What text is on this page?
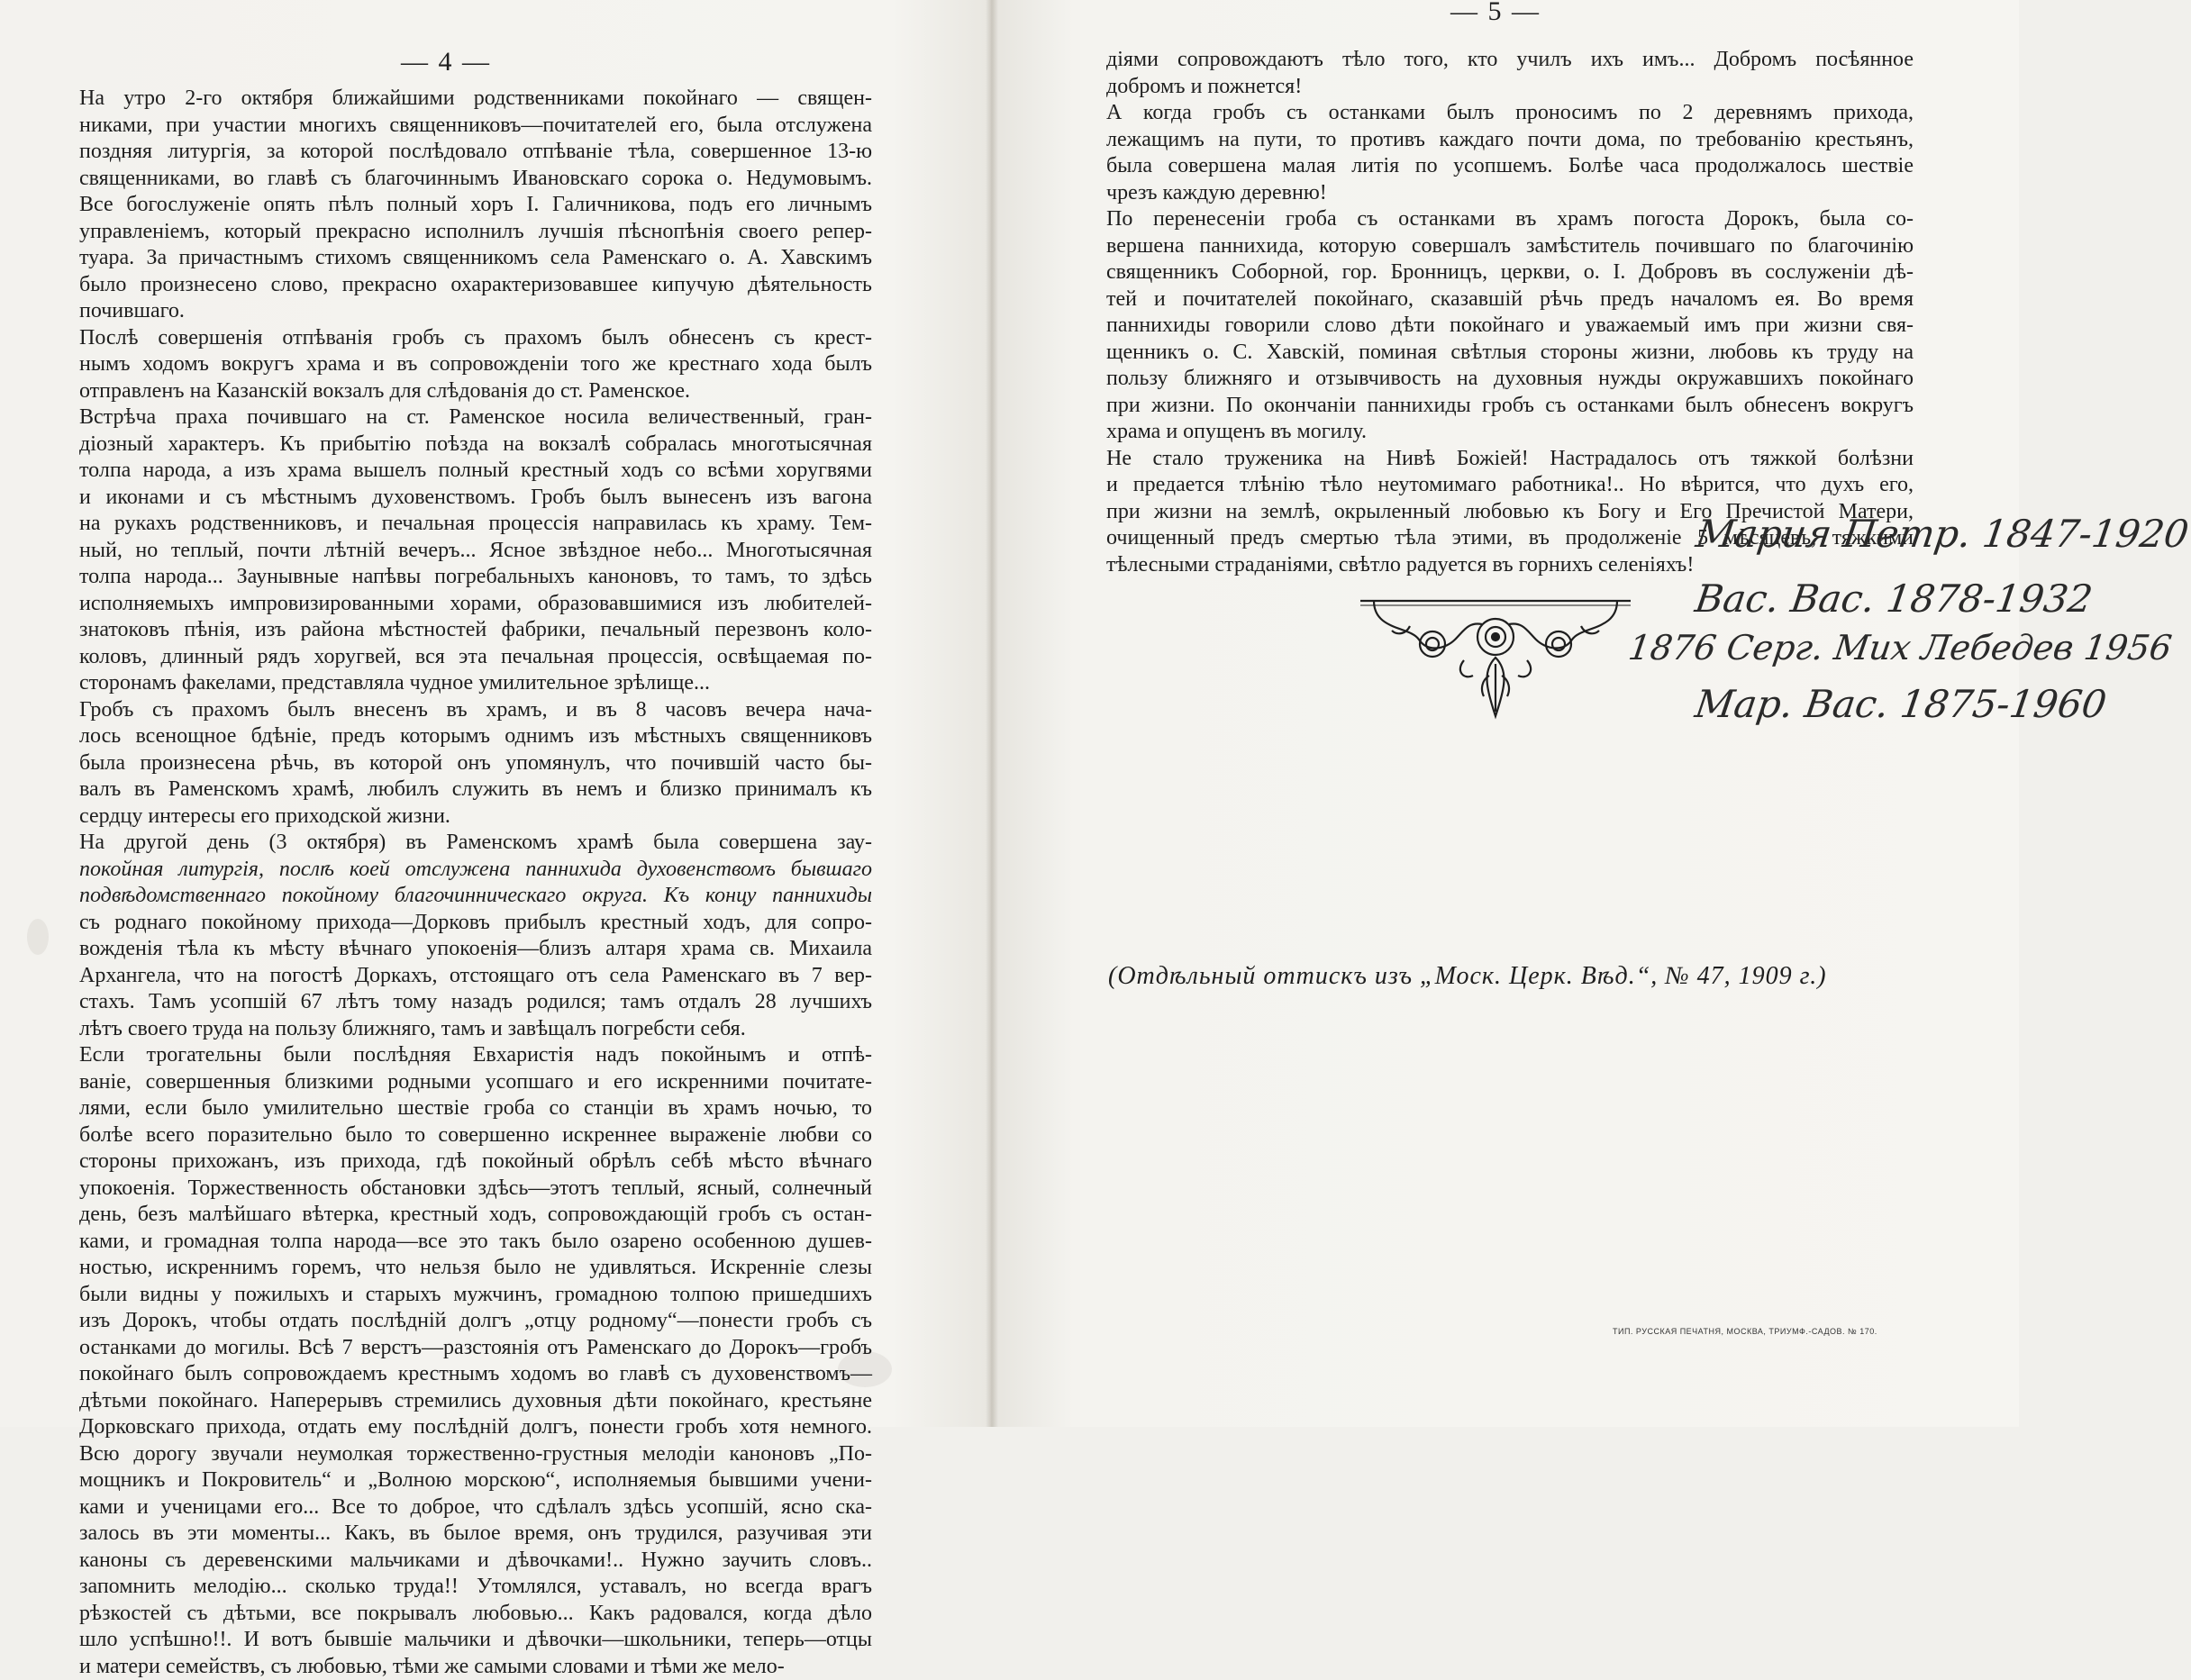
— 4 —
— 5 —

На утро 2-го октября ближайшими родственниками покойнаго — священ-
никами, при участии многихъ священниковъ—почитателей его, была отслужена
поздняя литургія, за которой послѣдовало отпѣваніе тѣла, совершенное 13-ю
священниками, во главѣ съ благочиннымъ Ивановскаго сорока о. Недумовымъ.
Все богослуженіе опять пѣлъ полный хоръ I. Галичникова, подъ его личнымъ
управленіемъ, который прекрасно исполнилъ лучшія пѣснопѣнія своего репер-
туара. За причастнымъ стихомъ священникомъ села Раменскаго о. А. Хавскимъ
было произнесено слово, прекрасно охарактеризовавшее кипучую дѣятельность
почившаго.

Послѣ совершенія отпѣванія гробъ съ прахомъ былъ обнесенъ съ крест-
нымъ ходомъ вокругъ храма и въ сопровожденіи того же крестнаго хода былъ
отправленъ на Казанскій вокзалъ для слѣдованія до ст. Раменское.

Встрѣча праха почившаго на ст. Раменское носила величественный, гран-
діозный характеръ. Къ прибытію поѣзда на вокзалѣ собралась многотысячная
толпа народа, а изъ храма вышелъ полный крестный ходъ со всѣми хоругвями
и иконами и съ мѣстнымъ духовенствомъ. Гробъ былъ вынесенъ изъ вагона
на рукахъ родственниковъ, и печальная процессія направилась къ храму. Тем-
ный, но теплый, почти лѣтній вечеръ... Ясное звѣздное небо... Многотысячная
толпа народа... Заунывные напѣвы погребальныхъ каноновъ, то тамъ, то здѣсь
исполняемыхъ импровизированными хорами, образовавшимися изъ любителей-
знатоковъ пѣнія, изъ района мѣстностей фабрики, печальный перезвонъ коло-
коловъ, длинный рядъ хоругвей, вся эта печальная процессія, освѣщаемая по-
сторонамъ факелами, представляла чудное умилительное зрѣлище...

Гробъ съ прахомъ былъ внесенъ въ храмъ, и въ 8 часовъ вечера нача-
лось всенощное бдѣніе, предъ которымъ однимъ изъ мѣстныхъ священниковъ
была произнесена рѣчь, въ которой онъ упомянулъ, что почившій часто бы-
валъ въ Раменскомъ храмѣ, любилъ служить въ немъ и близко принималъ къ
сердцу интересы его приходской жизни.

На другой день (3 октября) въ Раменскомъ храмѣ была совершена зау-
покойная литургія, послѣ коей отслужена паннихида духовенствомъ бывшаго
подвѣдомственнаго покойному благочинническаго округа. Къ концу паннихиды
съ роднаго покойному прихода—Дорковъ прибылъ крестный ходъ, для сопро-
вожденія тѣла къ мѣсту вѣчнаго упокоенія—близъ алтаря храма св. Михаила
Архангела, что на погостѣ Доркахъ, отстоящаго отъ села Раменскаго въ 7 вер-
стахъ. Тамъ усопшій 67 лѣтъ тому назадъ родился; тамъ отдалъ 28 лучшихъ
лѣтъ своего труда на пользу ближняго, тамъ и завѣщалъ погребсти себя.

Если трогательны были послѣдняя Евхаристія надъ покойнымъ и отпѣ-
ваніе, совершенныя близкими родными усопшаго и его искренними почитате-
лями, если было умилительно шествіе гроба со станціи въ храмъ ночью, то
болѣе всего поразительно было то совершенно искреннее выраженіе любви со
стороны прихожанъ, изъ прихода, гдѣ покойный обрѣлъ себѣ мѣсто вѣчнаго
упокоенія. Торжественность обстановки здѣсь—этотъ теплый, ясный, солнечный
день, безъ малѣйшаго вѣтерка, крестный ходъ, сопровождающій гробъ съ остан-
ками, и громадная толпа народа—все это такъ было озарено особенною душев-
ностью, искреннимъ горемъ, что нельзя было не удивляться. Искренніе слезы
были видны у пожилыхъ и старыхъ мужчинъ, громадною толпою пришедшихъ
изъ Дорокъ, чтобы отдать послѣдній долгъ „отцу родному“—понести гробъ съ
останками до могилы. Всѣ 7 верстъ—разстоянія отъ Раменскаго до Дорокъ—гробъ
покойнаго былъ сопровождаемъ крестнымъ ходомъ во главѣ съ духовенствомъ—
дѣтьми покойнаго. Наперерывъ стремились духовныя дѣти покойнаго, крестьяне
Дорковскаго прихода, отдать ему послѣдній долгъ, понести гробъ хотя немного.
Всю дорогу звучали неумолкая торжественно-грустныя мелодіи каноновъ „По-
мощникъ и Покровитель“ и „Волною морскою“, исполняемыя бывшими учени-
ками и ученицами его... Все то доброе, что сдѣлалъ здѣсь усопшій, ясно ска-
залось въ эти моменты... Какъ, въ былое время, онъ трудился, разучивая эти
каноны съ деревенскими мальчиками и дѣвочками!.. Нужно заучить словъ..
запомнить мелодію... сколько труда!! Утомлялся, уставалъ, но всегда врагъ
рѣзкостей съ дѣтьми, все покрывалъ любовью... Какъ радовался, когда дѣло
шло успѣшно!!. И вотъ бывшіе мальчики и дѣвочки—школьники, теперь—отцы
и матери семействъ, съ любовью, тѣми же самыми словами и тѣми же мело-

діями сопровождаютъ тѣло того, кто училъ ихъ имъ... Добромъ посѣянное
добромъ и пожнется!

А когда гробъ съ останками былъ проносимъ по 2 деревнямъ прихода,
лежащимъ на пути, то противъ каждаго почти дома, по требованію крестьянъ,
была совершена малая литія по усопшемъ. Болѣе часа продолжалось шествіе
чрезъ каждую деревню!

По перенесеніи гроба съ останками въ храмъ погоста Дорокъ, была со-
вершена паннихида, которую совершалъ замѣститель почившаго по благочинію
священникъ Соборной, гор. Бронницъ, церкви, о. I. Добровъ въ сослуженіи дѣ-
тей и почитателей покойнаго, сказавшій рѣчь предъ началомъ ея. Во время
паннихиды говорили слово дѣти покойнаго и уважаемый имъ при жизни свя-
щенникъ о. С. Хавскій, поминая свѣтлыя стороны жизни, любовь къ труду на
пользу ближняго и отзывчивость на духовныя нужды окружавшихъ покойнаго
при жизни. По окончаніи паннихиды гробъ съ останками былъ обнесенъ вокругъ
храма и опущенъ въ могилу.

Не стало труженика на Нивѣ Божіей! Настрадалось отъ тяжкой болѣзни
и предается тлѣнію тѣло неутомимаго работника!.. Но вѣрится, что духъ его,
при жизни на землѣ, окрыленный любовью къ Богу и Его Пречистой Матери,
очищенный предъ смертью тѣла этими, въ продолженіе 5 мѣсяцевъ, тяжкими
тѣлесными страданіями, свѣтло радуется въ горнихъ селеніяхъ!

Мария Петр. 1847-1920
Вас. Вас. 1878-1932
1876 Серг. Мих Лебедев 1956
Мар. Вас. 1875-1960
(Отдѣльный оттискъ изъ „Моск. Церк. Вѣд.“, № 47, 1909 г.)
ТИП. РУССКАЯ ПЕЧАТНЯ, МОСКВА, ТРИУМФ.-САДОВ. № 170.
